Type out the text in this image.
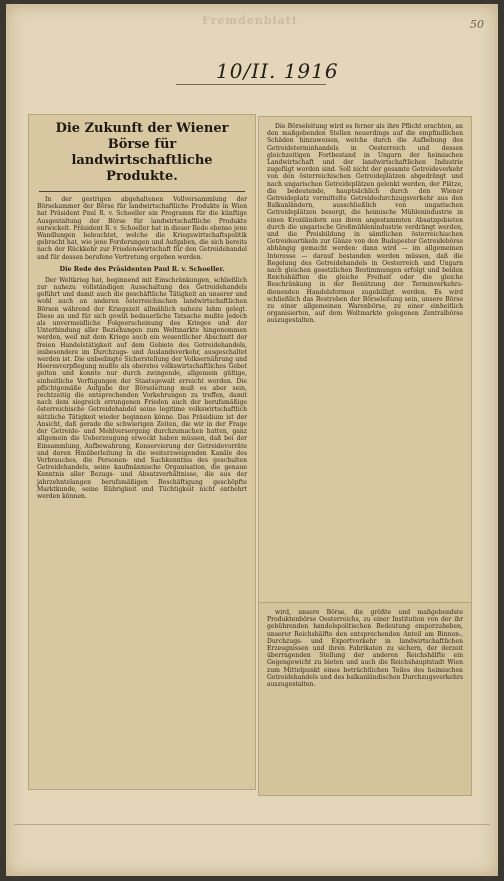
Fremdenblatt	50
10/II. 1916
Die Zukunft der Wiener Börse für landwirtschaftliche Produkte.

In der gestrigen abgehaltenen Vollversammlung der Börsekammer der Börse für landwirtschaftliche Produkte in Wien hat Präsident Paul R. v. Schoeller ein Programm für die künftige Ausgestaltung der Börse für landwirtschaftliche Produkte entwickelt. Präsident R. v. Schoeller hat in dieser Rede ebenso jene Wandlungen beleuchtet, welche die Kriegswirtschaftspolitik gebracht hat, wie jene Forderungen und Aufgaben, die sich bereits nach der Rückkehr zur Friedenswirtschaft für den Getreidehandel und für dessen berufene Vertretung ergeben werden.

Die Rede des Präsidenten Paul R. v. Schoeller.

Der Weltkrieg hat, beginnend mit Einschränkungen, schließlich zur nahezu vollständigen Ausschaltung des Getreidehandels geführt und damit auch die geschäftliche Tätigkeit an unserer und wohl auch an anderen österreichischen landwirtschaftlichen Börsen während der Kriegszeit allmählich nahezu lahm gelegt. Diese an und für sich gewiß bedauerliche Tatsache mußte jedoch als unvermeidliche Folgeerscheinung des Krieges und der Unterbindung aller Beziehungen zum Weltmarkte hingenommen werden, weil mit dem Kriege auch ein wesentlicher Abschnitt der freien Handelstätigkeit auf dem Gebiete des Getreidehandels, insbesondere im Durchzugs- und Auslandsverkehr, ausgeschaltet werden ist. Die unbedingte Sicherstellung der Volksernährung und Heeresverpflegung mußte als oberstes volkswirtschaftliches Gebot gelten und konnte nur durch zwingende, allgemein gültige, einheitliche Verfügungen der Staatsgewalt erreicht werden. Die pflichtgemäße Aufgabe der Börseleitung muß es aber sein, rechtzeitig die entsprechenden Vorkehrungen zu treffen, damit nach dem siegreich errungenen Frieden auch der berufsmäßige österreichische Getreidehandel seine legitime volkswirtschaftlich nützliche Tätigkeit wieder beginnen könne. Das Präsidium ist der Ansicht, daß gerade die schwierigen Zeiten, die wir in der Frage der Getreide- und Mehlversorgung durchzumachen hatten, ganz allgemein die Ueberzeugung erweckt haben müssen, daß bei der Einsammlung, Aufbewahrung, Konservierung der Getreidevorräte und deren Hinüberleitung in die weiterzweigenden Kanäle des Verbrauches, die Personen- und Sachkenntnis des geschulten Getreidehandels, seine kaufmännische Organisation, die genaue Kenntnis aller Bezugs- und Absatzverhältnisse, die aus der jahrzehntelangen berufsmäßigen Beschäftigung geschöpfte Marktkunde, seine Rührigkeit und Tüchtigkeit nicht entbehrt werden können.

Die Börseleitung wird es ferner als ihre Pflicht erachten, an den maßgebenden Stellen neuerdings auf die empfindlichen Schäden hinzuweisen, welche durch die Aufhebung des Getreideterminhandels in Oesterreich und dessen gleichzeitigen Fortbestand in Ungarn der heimischen Landwirtschaft und der landwirtschaftlichen Industrie zugefügt worden sind. Soll nicht der gesamte Getreideverkehr von den österreichischen Getreideplätzen abgedrängt und nach ungarischen Getreideplätzen gelenkt werden, der Plätze, die bedeutende, hauptsächlich durch den Wiener Getreideplatz vermittelte Getreidedurchzugsverkehr aus den Balkanländern, ausschließlich von ungarischen Getreideplätzen besorgt, die heimische Mühlenindustrie in einen Kronländern aus ihren angestammten Absatzgebieten durch die ungarische Großmühlenindustrie verdrängt werden, und die Preisbildung in sämtlichen österreichischen Getreideartikeln zur Gänze von den Budapester Getreidebörse abhängig gemacht werden: dann wird — im allgemeinen Interesse — darauf bestanden werden müssen, daß die Regelung des Getreidehandels in Oesterreich und Ungarn nach gleichen gesetzlichen Bestimmungen erfolgt und beiden Reichshälften die gleiche Freiheit oder die gleiche Beschränkung in der Benützung der Terminverkehrs- dienenden Handelsformen zugebilligt werden. Es wird schließlich das Bestreben der Börseleitung sein, unsere Börse zu einer allgemeinen Warenbörse, zu einer einheitlich organisierten, auf dem Weltmarkte gelegenen Zentralbörse auszugestalten.

wird, unsere Börse, die größte und maßgebendste Produktenbörse Oesterreichs, zu einer Institution von der ihr gebührenden handelspolitischen Bedeutung emporzuheben, unserer Reichshälfte den entsprechenden Anteil am Binnen-, Durchzugs- und Exportverkehr in landwirtschaftlichen Erzeugnissen und ihren Fabrikaten zu sichern, der derzeit überragenden Stellung der anderen Reichshälfte ein Gegengewicht zu bieten und auch die Reichshauptstadt Wien zum Mittelpunkt eines beträchtlichen Teiles des heimischen Getreidehandels und des balkanländischen Durchzugsverkehrs auszugestalten.
